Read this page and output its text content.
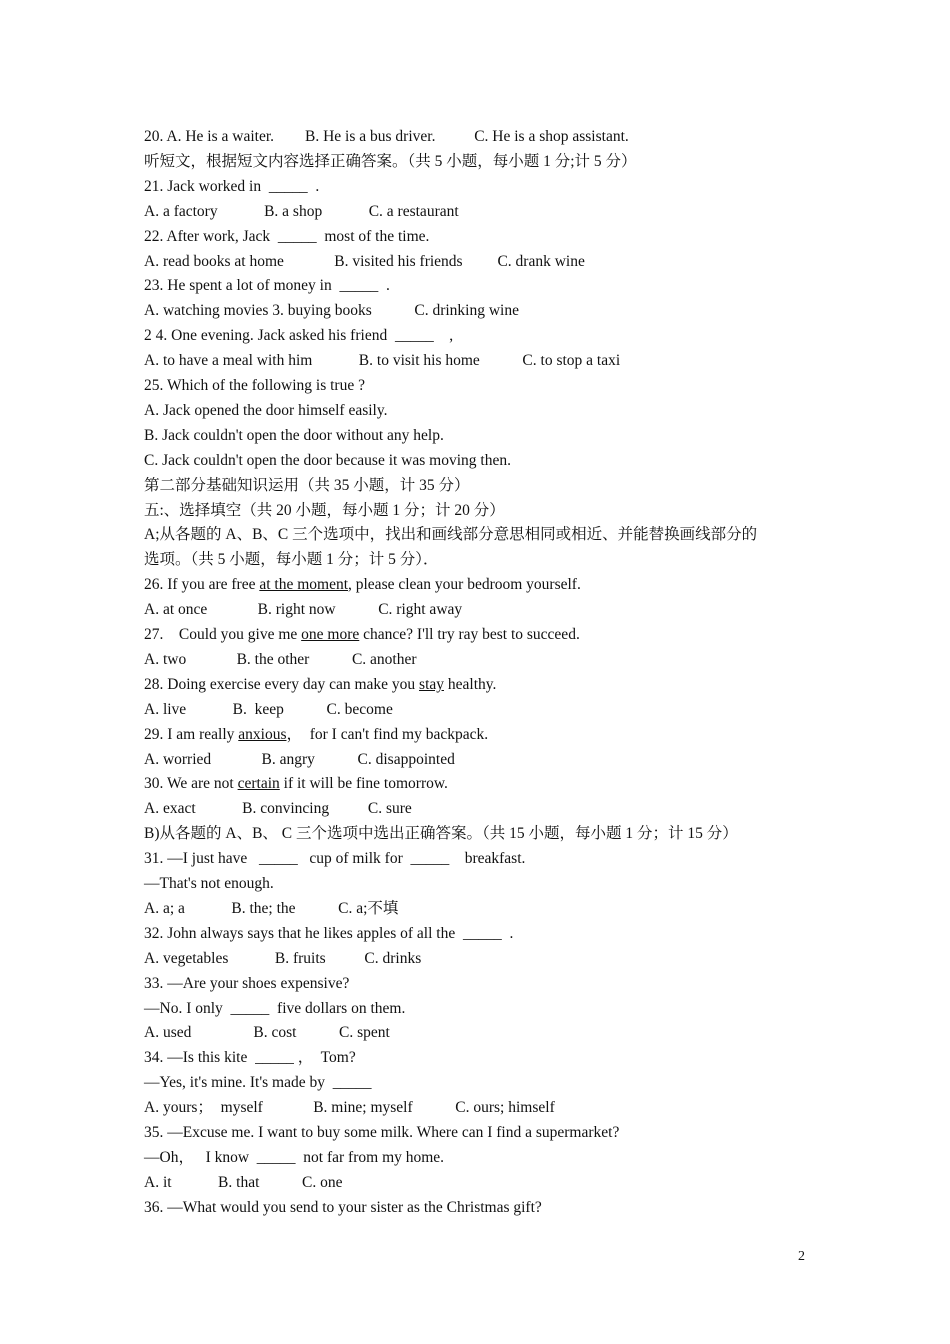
20. A. He is a waiter.        B. He is a bus driver.          C. He is a shop assistant.
听短文，根据短文内容选择正确答案。（共 5 小题，每小题 1 分;计 5 分）
21. Jack worked in  _____  .
A. a factory            B. a shop            C. a restaurant
22. After work, Jack  _____  most of the time.
A. read books at home             B. visited his friends         C. drank wine
23. He spent a lot of money in  _____  .
A. watching movies 3. buying books           C. drinking wine
2 4. One evening. Jack asked his friend  _____    ,
A. to have a meal with him            B. to visit his home           C. to stop a taxi
25. Which of the following is true ?
A. Jack opened the door himself easily.
B. Jack couldn't open the door without any help.
C. Jack couldn't open the door because it was moving then.
第二部分基础知识运用（共 35 小题，计 35 分）
五:、选择填空（共 20 小题，每小题 1 分；计 20 分）
A;从各题的 A、B、C 三个选项中，找出和画线部分意思相同或相近、并能替换画线部分的
选项。（共 5 小题，每小题 1 分；计 5 分）．
26. If you are free at the moment, please clean your bedroom yourself.
A. at once             B. right now           C. right away
27.    Could you give me one more chance? I'll try ray best to succeed.
A. two             B. the other           C. another
28. Doing exercise every day can make you stay healthy.
A. live            B.  keep           C. become
29. I am really anxious，  for I can't find my backpack.
A. worried             B. angry           C. disappointed
30. We are not certain if it will be fine tomorrow.
A. exact            B. convincing          C. sure
B)从各题的 A、B、 C 三个选项中选出正确答案。（共 15 小题，每小题 1 分；计 15 分）
31. —I just have   _____   cup of milk for  _____    breakfast.
—That's not enough.
A. a; a            B. the; the           C. a;不填
32. John always says that he likes apples of all the  _____  .
A. vegetables            B. fruits          C. drinks
33. —Are your shoes expensive?
—No. I only  _____  five dollars on them.
A. used                B. cost           C. spent
34. —Is this kite  _____ ，  Tom?
—Yes, it's mine. It's made by  _____
A. yours；  myself             B. mine; myself           C. ours; himself
35. —Excuse me. I want to buy some milk. Where can I find a supermarket?
—Oh，   I know  _____  not far from my home.
A. it            B. that           C. one
36. —What would you send to your sister as the Christmas gift?
2
